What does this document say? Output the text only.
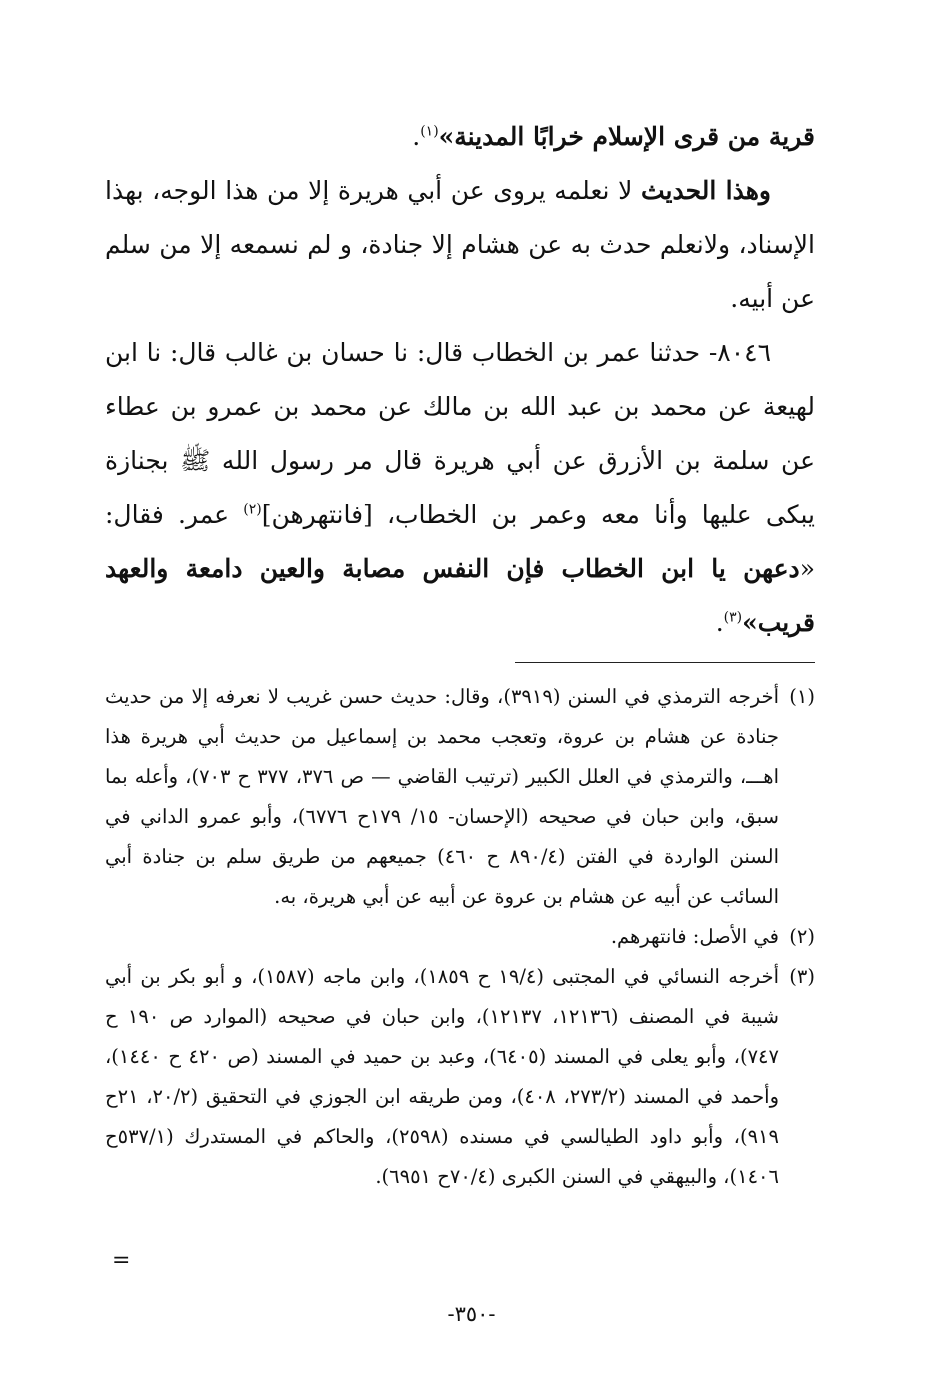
قرية من قرى الإسلام خرابًا المدينة»$^{(١)}$.

وهذا الحديث لا نعلمه يروى عن أبي هريرة إلا من هذا الوجه، بهذا الإسناد، ولانعلم حدث به عن هشام إلا جنادة، و لم نسمعه إلا من سلم عن أبيه.

٨٠٤٦- حدثنا عمر بن الخطاب قال: نا حسان بن غالب قال: نا ابن لهيعة عن محمد بن عبد الله بن مالك عن محمد بن عمرو بن عطاء عن سلمة بن الأزرق عن أبي هريرة قال مر رسول الله ﷺ بجنازة يبكى عليها وأنا معه وعمر بن الخطاب، [فانتهرهن]$^{(٢)}$ عمر. فقال: «دعهن يا ابن الخطاب فإن النفس مصابة والعين دامعة والعهد قريب»$^{(٣)}$.

(١)
أخرجه الترمذي في السنن (٣٩١٩)، وقال: حديث حسن غريب لا نعرفه إلا من حديث جنادة عن هشام بن عروة، وتعجب محمد بن إسماعيل من حديث أبي هريرة هذا اهـــ، والترمذي في العلل الكبير (ترتيب القاضي — ص ٣٧٦، ٣٧٧ ح ٧٠٣)، وأعله بما سبق، وابن حبان في صحيحه (الإحسان- ١٥/ ١٧٩ح ٦٧٧٦)، وأبو عمرو الداني في السنن الواردة في الفتن (٨٩٠/٤ ح ٤٦٠) جميعهم من طريق سلم بن جنادة أبي السائب عن أبيه عن هشام بن عروة عن أبيه عن أبي هريرة، به.
(٢)
في الأصل: فانتهرهم.
(٣)
أخرجه النسائي في المجتبى (١٩/٤ ح ١٨٥٩)، وابن ماجه (١٥٨٧)، و أبو بكر بن أبي شيبة في المصنف (١٢١٣٦، ١٢١٣٧)، وابن حبان في صحيحه (الموارد ص ١٩٠ ح ٧٤٧)، وأبو يعلى في المسند (٦٤٠٥)، وعبد بن حميد في المسند (ص ٤٢٠ ح ١٤٤٠)، وأحمد في المسند (٢٧٣/٢، ٤٠٨)، ومن طريقه ابن الجوزي في التحقيق (٢٠/٢، ٢١ح ٩١٩)، وأبو داود الطيالسي في مسنده (٢٥٩٨)، والحاكم في المستدرك (٥٣٧/١ح ١٤٠٦)، والبيهقي في السنن الكبرى (٧٠/٤ح ٦٩٥١).
=
-٣٥٠-
